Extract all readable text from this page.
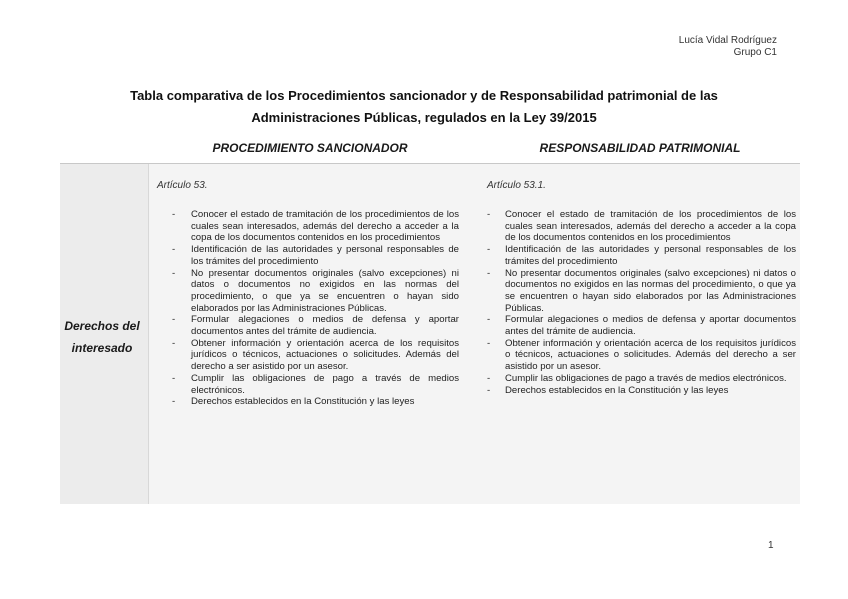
Lucía Vidal Rodríguez
Grupo C1
Tabla comparativa de los Procedimientos sancionador y de Responsabilidad patrimonial de las
Administraciones Públicas, regulados en la Ley 39/2015
PROCEDIMIENTO SANCIONADOR	RESPONSABILIDAD PATRIMONIAL
Derechos del
interesado
Artículo 53.	Artículo 53.1.
- Conocer el estado de tramitación de los procedimientos de los cuales sean interesados, además del derecho a acceder a la copa de los documentos contenidos en los procedimientos
- Identificación de las autoridades y personal responsables de los trámites del procedimiento
- No presentar documentos originales (salvo excepciones) ni datos o documentos no exigidos en las normas del procedimiento, o que ya se encuentren o hayan sido elaborados por las Administraciones Públicas.
- Formular alegaciones o medios de defensa y aportar documentos antes del trámite de audiencia.
- Obtener información y orientación acerca de los requisitos jurídicos o técnicos, actuaciones o solicitudes. Además del derecho a ser asistido por un asesor.
- Cumplir las obligaciones de pago a través de medios electrónicos.
- Derechos establecidos en la Constitución y las leyes
- Conocer el estado de tramitación de los procedimientos de los cuales sean interesados, además del derecho a acceder a la copa de los documentos contenidos en los procedimientos
- Identificación de las autoridades y personal responsables de los trámites del procedimiento
- No presentar documentos originales (salvo excepciones) ni datos o documentos no exigidos en las normas del procedimiento, o que ya se encuentren o hayan sido elaborados por las Administraciones Públicas.
- Formular alegaciones o medios de defensa y aportar documentos antes del trámite de audiencia.
- Obtener información y orientación acerca de los requisitos jurídicos o técnicos, actuaciones o solicitudes. Además del derecho a ser asistido por un asesor.
- Cumplir las obligaciones de pago a través de medios electrónicos.
- Derechos establecidos en la Constitución y las leyes
1
